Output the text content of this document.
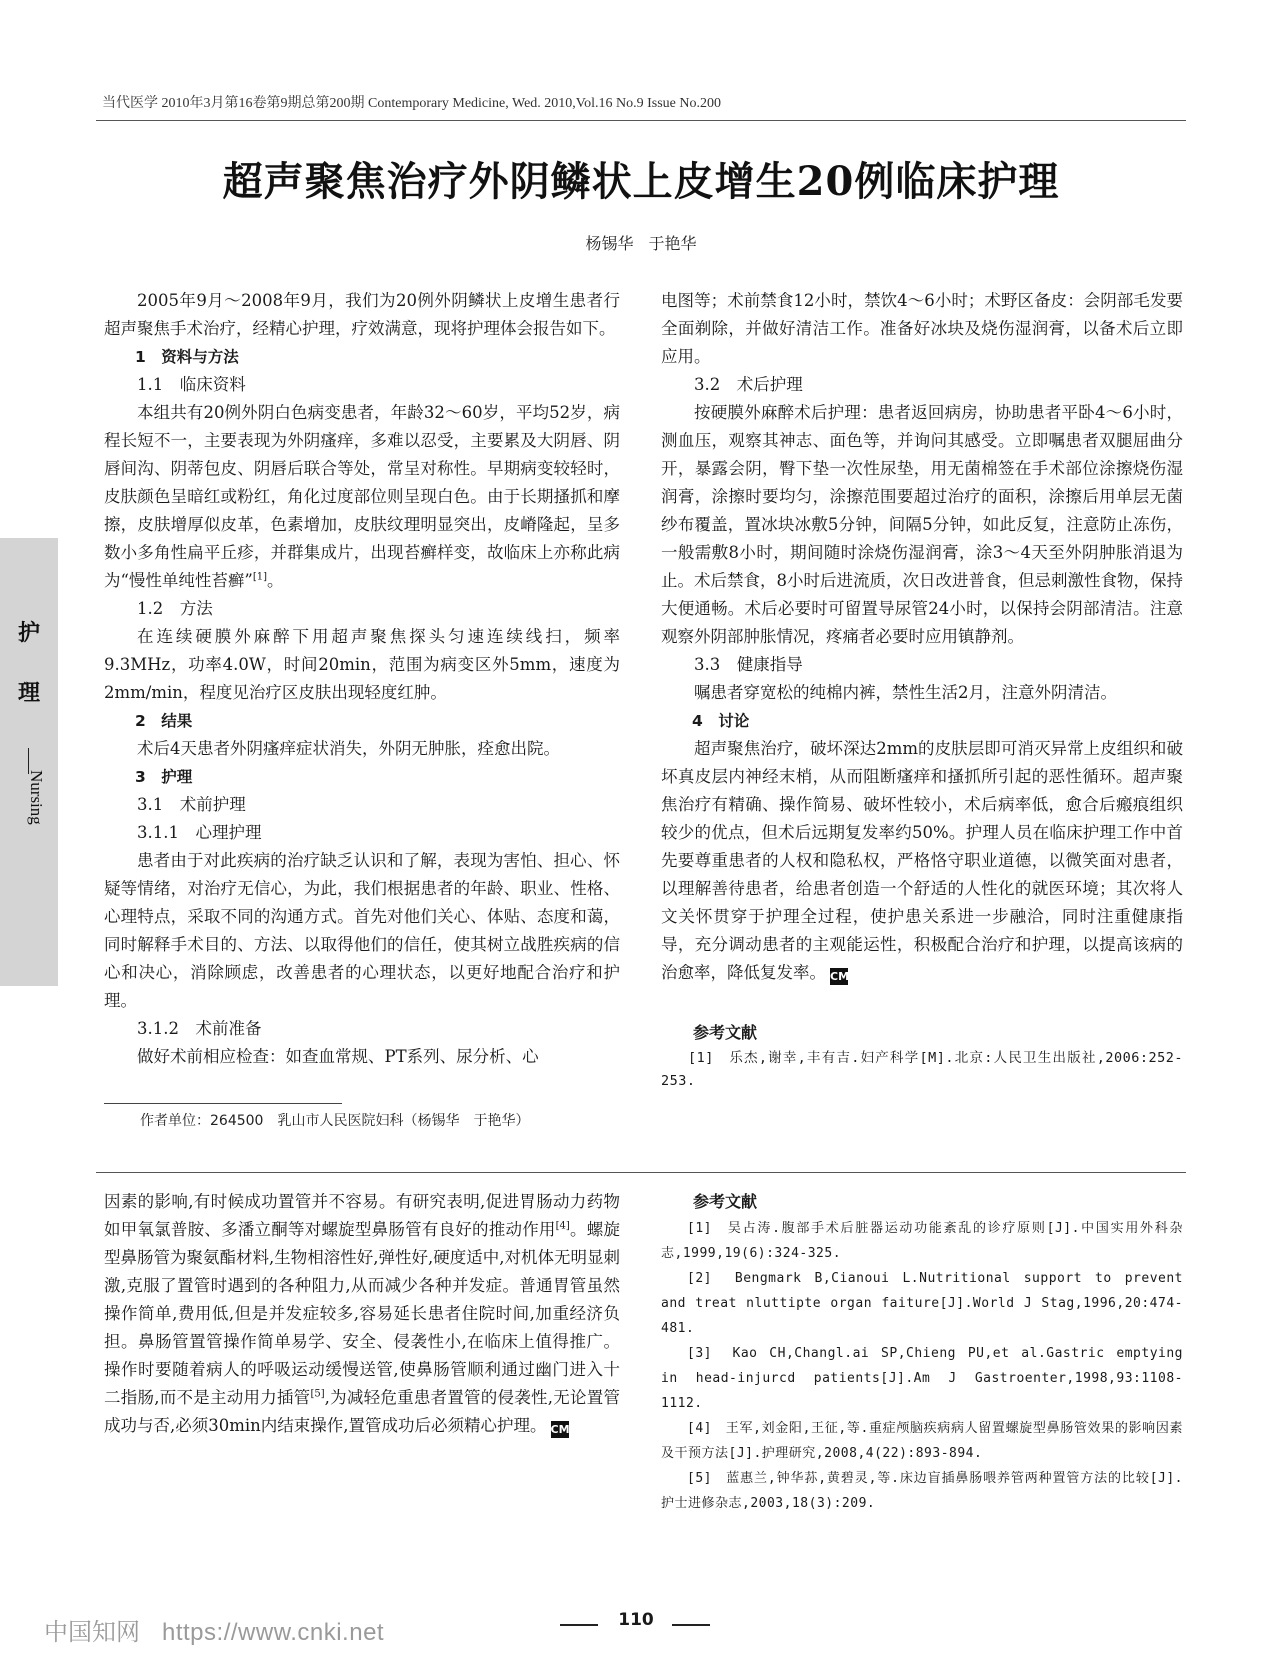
当代医学 2010年3月第16卷第9期总第200期 Contemporary Medicine, Wed. 2010,Vol.16 No.9 Issue No.200
超声聚焦治疗外阴鳞状上皮增生20例临床护理
杨锡华 于艳华
护
理
Nursing

2005年9月～2008年9月，我们为20例外阴鳞状上皮增生患者行超声聚焦手术治疗，经精心护理，疗效满意，现将护理体会报告如下。

1　资料与方法

1.1　临床资料

本组共有20例外阴白色病变患者，年龄32～60岁，平均52岁，病程长短不一，主要表现为外阴瘙痒，多难以忍受，主要累及大阴唇、阴唇间沟、阴蒂包皮、阴唇后联合等处，常呈对称性。早期病变较轻时，皮肤颜色呈暗红或粉红，角化过度部位则呈现白色。由于长期搔抓和摩擦，皮肤增厚似皮革，色素增加，皮肤纹理明显突出，皮嵴隆起，呈多数小多角性扁平丘疹，并群集成片，出现苔癣样变，故临床上亦称此病为“慢性单纯性苔癣”[1]。

1.2　方法

在连续硬膜外麻醉下用超声聚焦探头匀速连续线扫，频率9.3MHz，功率4.0W，时间20min，范围为病变区外5mm，速度为2mm/min，程度见治疗区皮肤出现轻度红肿。

2　结果

术后4天患者外阴瘙痒症状消失，外阴无肿胀，痊愈出院。

3　护理

3.1　术前护理

3.1.1　心理护理

患者由于对此疾病的治疗缺乏认识和了解，表现为害怕、担心、怀疑等情绪，对治疗无信心，为此，我们根据患者的年龄、职业、性格、心理特点，采取不同的沟通方式。首先对他们关心、体贴、态度和蔼，同时解释手术目的、方法、以取得他们的信任，使其树立战胜疾病的信心和决心，消除顾虑，改善患者的心理状态，以更好地配合治疗和护理。

3.1.2　术前准备

做好术前相应检查：如查血常规、PT系列、尿分析、心

作者单位：264500　乳山市人民医院妇科（杨锡华　于艳华）

电图等；术前禁食12小时，禁饮4～6小时；术野区备皮：会阴部毛发要全面剃除，并做好清洁工作。准备好冰块及烧伤湿润膏，以备术后立即应用。

3.2　术后护理

按硬膜外麻醉术后护理：患者返回病房，协助患者平卧4～6小时，测血压，观察其神志、面色等，并询问其感受。立即嘱患者双腿屈曲分开，暴露会阴，臀下垫一次性尿垫，用无菌棉签在手术部位涂擦烧伤湿润膏，涂擦时要均匀，涂擦范围要超过治疗的面积，涂擦后用单层无菌纱布覆盖，置冰块冰敷5分钟，间隔5分钟，如此反复，注意防止冻伤，一般需敷8小时，期间随时涂烧伤湿润膏，涂3～4天至外阴肿胀消退为止。术后禁食，8小时后进流质，次日改进普食，但忌刺激性食物，保持大便通畅。术后必要时可留置导尿管24小时，以保持会阴部清洁。注意观察外阴部肿胀情况，疼痛者必要时应用镇静剂。

3.3　健康指导

嘱患者穿宽松的纯棉内裤，禁性生活2月，注意外阴清洁。

4　讨论

超声聚焦治疗，破坏深达2mm的皮肤层即可消灭异常上皮组织和破坏真皮层内神经末梢，从而阻断瘙痒和搔抓所引起的恶性循环。超声聚焦治疗有精确、操作简易、破坏性较小，术后病率低，愈合后瘢痕组织较少的优点，但术后远期复发率约50%。护理人员在临床护理工作中首先要尊重患者的人权和隐私权，严格恪守职业道德，以微笑面对患者，以理解善待患者，给患者创造一个舒适的人性化的就医环境；其次将人文关怀贯穿于护理全过程，使护患关系进一步融洽，同时注重健康指导，充分调动患者的主观能运性，积极配合治疗和护理，以提高该病的治愈率，降低复发率。 CM

参考文献

[1]　乐杰,谢幸,丰有吉.妇产科学[M].北京:人民卫生出版社,2006:252-253.

因素的影响,有时候成功置管并不容易。有研究表明,促进胃肠动力药物如甲氧氯普胺、多潘立酮等对螺旋型鼻肠管有良好的推动作用[4]。螺旋型鼻肠管为聚氨酯材料,生物相溶性好,弹性好,硬度适中,对机体无明显刺激,克服了置管时遇到的各种阻力,从而减少各种并发症。普通胃管虽然操作简单,费用低,但是并发症较多,容易延长患者住院时间,加重经济负担。鼻肠管置管操作简单易学、安全、侵袭性小,在临床上值得推广。操作时要随着病人的呼吸运动缓慢送管,使鼻肠管顺利通过幽门进入十二指肠,而不是主动用力插管[5],为减轻危重患者置管的侵袭性,无论置管成功与否,必须30min内结束操作,置管成功后必须精心护理。 CM

参考文献

[1]　吴占涛.腹部手术后脏器运动功能紊乱的诊疗原则[J].中国实用外科杂志,1999,19(6):324-325.

[2]　Bengmark B,Cianoui L.Nutritional support to prevent and treat nluttipte organ faiture[J].World J Stag,1996,20:474-481.

[3]　Kao CH,Changl.ai SP,Chieng PU,et al.Gastric emptying in head-injurcd patients[J].Am J Gastroenter,1998,93:1108-1112.

[4]　王军,刘金阳,王征,等.重症颅脑疾病病人留置螺旋型鼻肠管效果的影响因素及干预方法[J].护理研究,2008,4(22):893-894.

[5]　蓝惠兰,钟华荪,黄碧灵,等.床边盲插鼻肠喂养管两种置管方法的比较[J].护士进修杂志,2003,18(3):209.

110
中国知网 https://www.cnki.net
